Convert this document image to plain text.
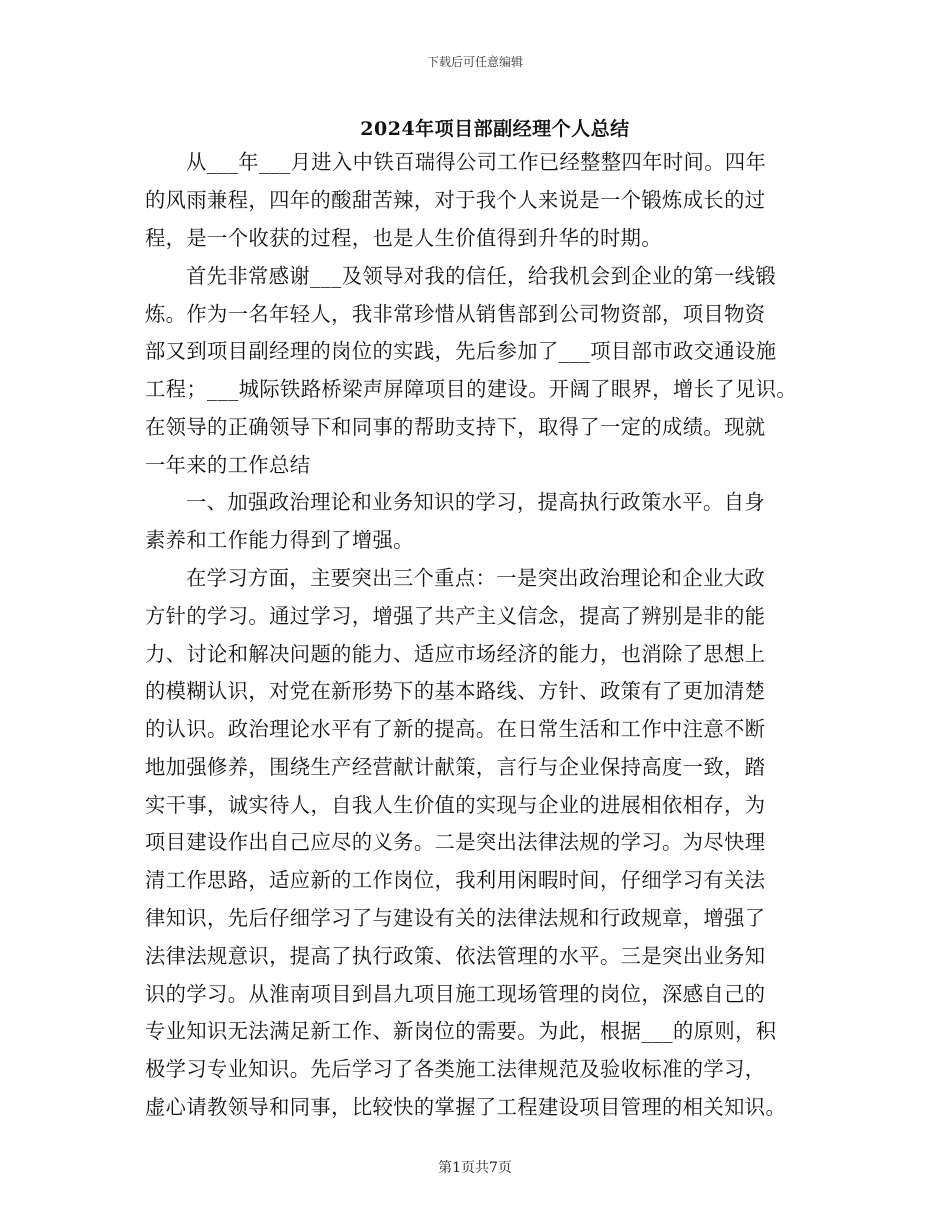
下载后可任意编辑
2024年项目部副经理个人总结
从___年___月进入中铁百瑞得公司工作已经整整四年时间。四年
的风雨兼程，四年的酸甜苦辣，对于我个人来说是一个锻炼成长的过
程，是一个收获的过程，也是人生价值得到升华的时期。
首先非常感谢___及领导对我的信任，给我机会到企业的第一线锻
炼。作为一名年轻人，我非常珍惜从销售部到公司物资部，项目物资
部又到项目副经理的岗位的实践，先后参加了___项目部市政交通设施
工程；___城际铁路桥梁声屏障项目的建设。开阔了眼界，增长了见识。
在领导的正确领导下和同事的帮助支持下，取得了一定的成绩。现就
一年来的工作总结
一、加强政治理论和业务知识的学习，提高执行政策水平。自身
素养和工作能力得到了增强。
在学习方面，主要突出三个重点：一是突出政治理论和企业大政
方针的学习。通过学习，增强了共产主义信念，提高了辨别是非的能
力、讨论和解决问题的能力、适应市场经济的能力，也消除了思想上
的模糊认识，对党在新形势下的基本路线、方针、政策有了更加清楚
的认识。政治理论水平有了新的提高。在日常生活和工作中注意不断
地加强修养，围绕生产经营献计献策，言行与企业保持高度一致，踏
实干事，诚实待人，自我人生价值的实现与企业的进展相依相存，为
项目建设作出自己应尽的义务。二是突出法律法规的学习。为尽快理
清工作思路，适应新的工作岗位，我利用闲暇时间，仔细学习有关法
律知识，先后仔细学习了与建设有关的法律法规和行政规章，增强了
法律法规意识，提高了执行政策、依法管理的水平。三是突出业务知
识的学习。从淮南项目到昌九项目施工现场管理的岗位，深感自己的
专业知识无法满足新工作、新岗位的需要。为此，根据___的原则，积
极学习专业知识。先后学习了各类施工法律规范及验收标准的学习，
虚心请教领导和同事，比较快的掌握了工程建设项目管理的相关知识。
第1页共7页
